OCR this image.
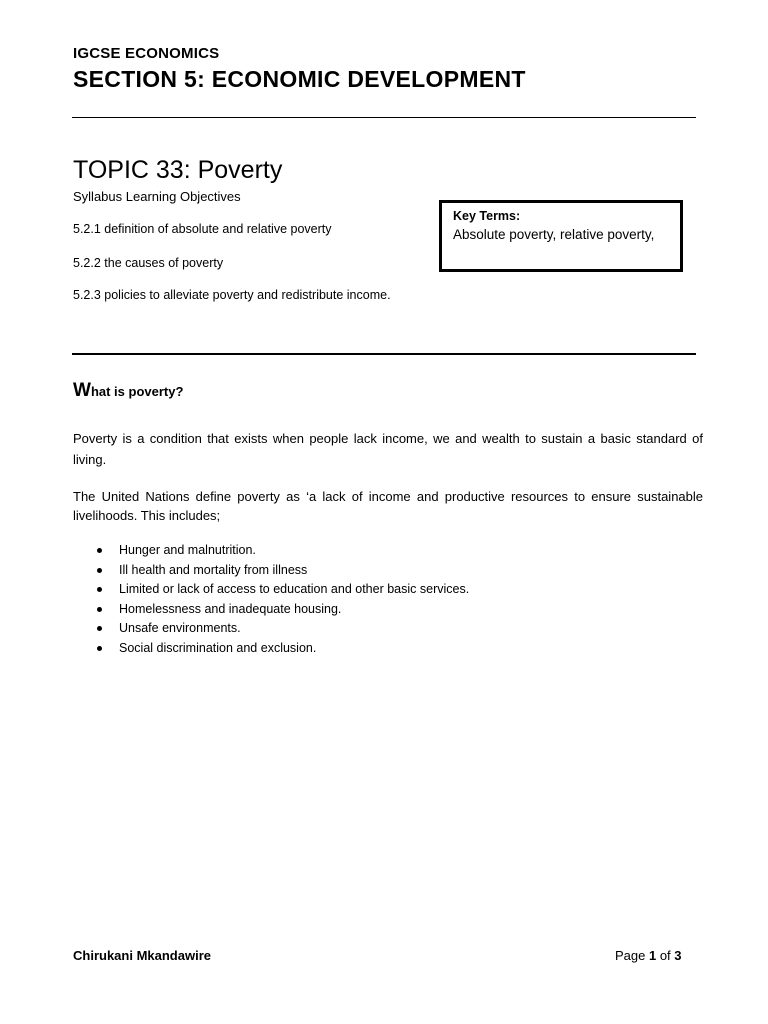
IGCSE ECONOMICS
SECTION 5: ECONOMIC DEVELOPMENT
TOPIC 33: Poverty
Syllabus Learning Objectives
5.2.1 definition of absolute and relative poverty
5.2.2 the causes of poverty
5.2.3 policies to alleviate poverty and redistribute income.
Key Terms:
Absolute poverty, relative poverty,
What is poverty?

Poverty is a condition that exists when people lack income, we and wealth to sustain a basic standard of living.

The United Nations define poverty as ‘a lack of income and productive resources to ensure sustainable livelihoods. This includes;

Hunger and malnutrition.
Ill health and mortality from illness
Limited or lack of access to education and other basic services.
Homelessness and inadequate housing.
Unsafe environments.
Social discrimination and exclusion.
Chirukani Mkandawire	Page 1 of 3
